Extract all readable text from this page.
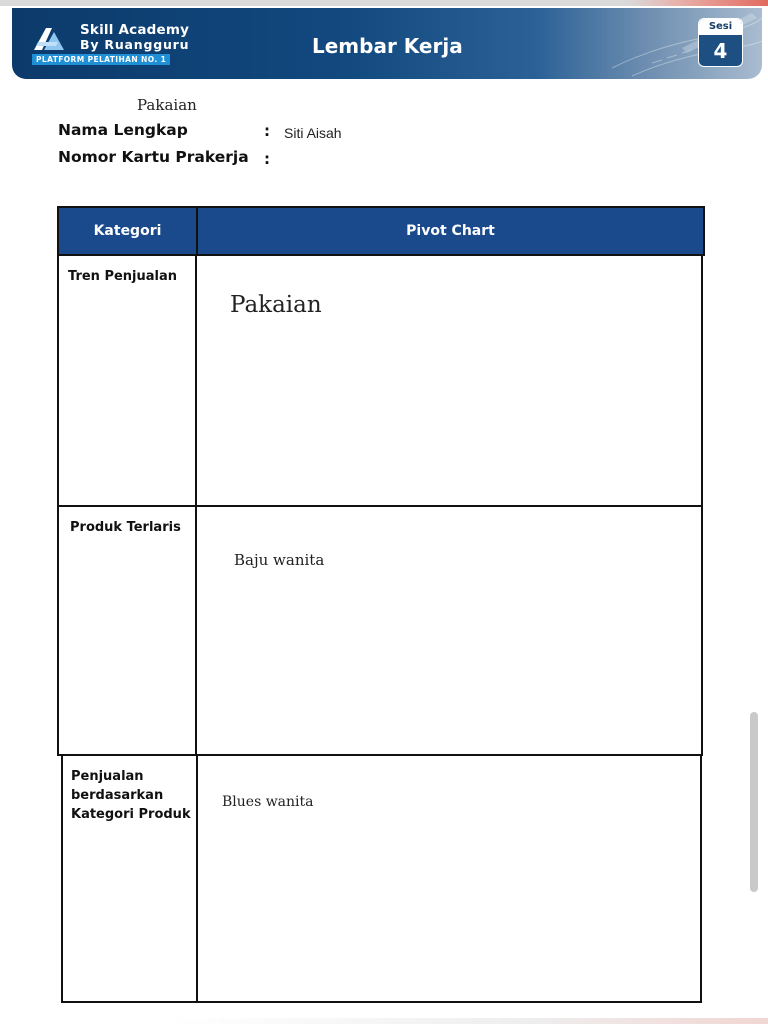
Skill Academy
By Ruangguru
PLATFORM PELATIHAN NO. 1
Lembar Kerja
Sesi
4
Pakaian
Nama Lengkap	: Siti Aisah
Nomor Kartu Prakerja :
Kategori	Pivot Chart
Tren Penjualan
Pakaian
Produk Terlaris
Baju wanita
Penjualan berdasarkan Kategori Produk
Blues wanita
